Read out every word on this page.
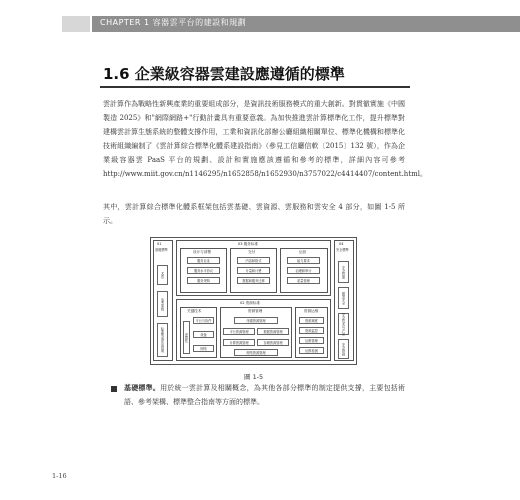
CHAPTER 1 容器雲平台的建設和規劃
1.6 企業級容器雲建設應遵循的標準
雲計算作為戰略性新興產業的重要組成部分，是資訊技術服務模式的重大創新。對貫徹實施《中國製造 2025》和"網際網路+"行動計畫具有重要意義。為加快推進雲計算標準化工作，提升標準對建構雲計算生態系統的整體支撐作用，工業和資訊化部辦公廳組織相關單位、標準化機構和標準化技術組織編制了《雲計算綜合標準化體系建設指南》（參見工信廳信軟〔2015〕132 號），作為企業級容器雲 PaaS 平台的規劃、設計和實施應該遵循和參考的標準，詳細內容可參考 http://www.miit.gov.cn/n1146295/n1652858/n1652930/n3757022/c4414407/content.html。
其中，雲計算綜合標準化體系框架包括雲基礎、雲資源、雲服務和雲安全 4 部分，如圖 1-5 所示。
01
基礎標準
术语
参考架构
标准集成应用指南
04
安全標準
安全管理
服务安全
安全技术与产品
安全基础
03 服务标准
设计与部署
服务目录
服务水平协议
服务采购
交付
内容和格式
计量和计费
数据和服务迁移
运营
能力要求
治理和审计
质量管理
02 资源标准
关键技术
虚拟化
平台与软件
设备
网络
资源管理
终端资源管理
平台资源管理	数据资源管理
计算资源管理	存储资源管理
网络资源管理
资源运维
资源调度
资源监控
运维管理
运维检测
圖 1-5
基礎標準。用於統一雲計算及相關概念，為其他各部分標準的制定提供支撐，主要包括術語、參考架構、標準整合指南等方面的標準。
1-16
